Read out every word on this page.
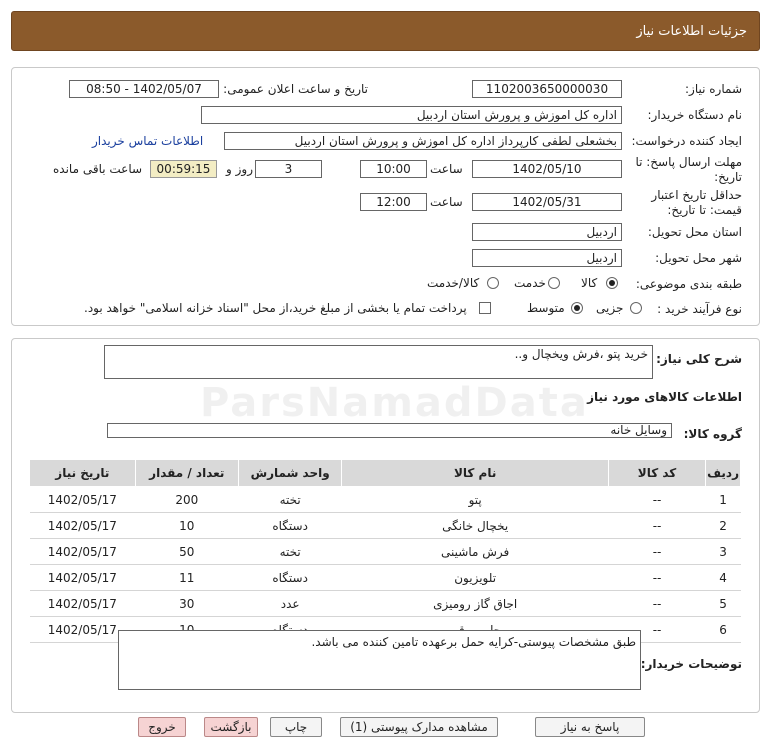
جزئیات اطلاعات نیاز
شماره نیاز:
1102003650000030
تاریخ و ساعت اعلان عمومی:
1402/05/07 - 08:50
نام دستگاه خریدار:
اداره کل اموزش و پرورش استان اردبیل
ایجاد کننده درخواست:
بخشعلی لطفی کارپرداز اداره کل اموزش و پرورش استان اردبیل
اطلاعات تماس خریدار
مهلت ارسال پاسخ: تا
تاریخ:
1402/05/10
ساعت
10:00
3
روز و
00:59:15
ساعت باقی مانده
حداقل تاریخ اعتبار
قیمت: تا تاریخ:
1402/05/31
ساعت
12:00
استان محل تحویل:
اردبیل
شهر محل تحویل:
اردبیل
طبقه بندی موضوعی:
کالا
خدمت
کالا/خدمت
نوع فرآیند خرید :
جزیی
متوسط
پرداخت تمام یا بخشی از مبلغ خرید،از محل "اسناد خزانه اسلامی" خواهد بود.
شرح کلی نیاز:
خرید پتو ،فرش ویخچال و..
اطلاعات کالاهای مورد نیاز
گروه کالا:
وسایل خانه
ردیف	کد کالا	نام کالا	واحد شمارش	تعداد / مقدار	تاریخ نیاز
1	--	پتو	تخته	200	1402/05/17
2	--	یخچال خانگی	دستگاه	10	1402/05/17
3	--	فرش ماشینی	تخته	50	1402/05/17
4	--	تلویزیون	دستگاه	11	1402/05/17
5	--	اجاق گاز رومیزی	عدد	30	1402/05/17
6	--				1402/05/17
توضیحات خریدار:
طبق مشخصات پیوستی-کرایه حمل برعهده تامین کننده می باشد.
پاسخ به نیاز
مشاهده مدارک پیوستی (1)
چاپ
بازگشت
خروج
